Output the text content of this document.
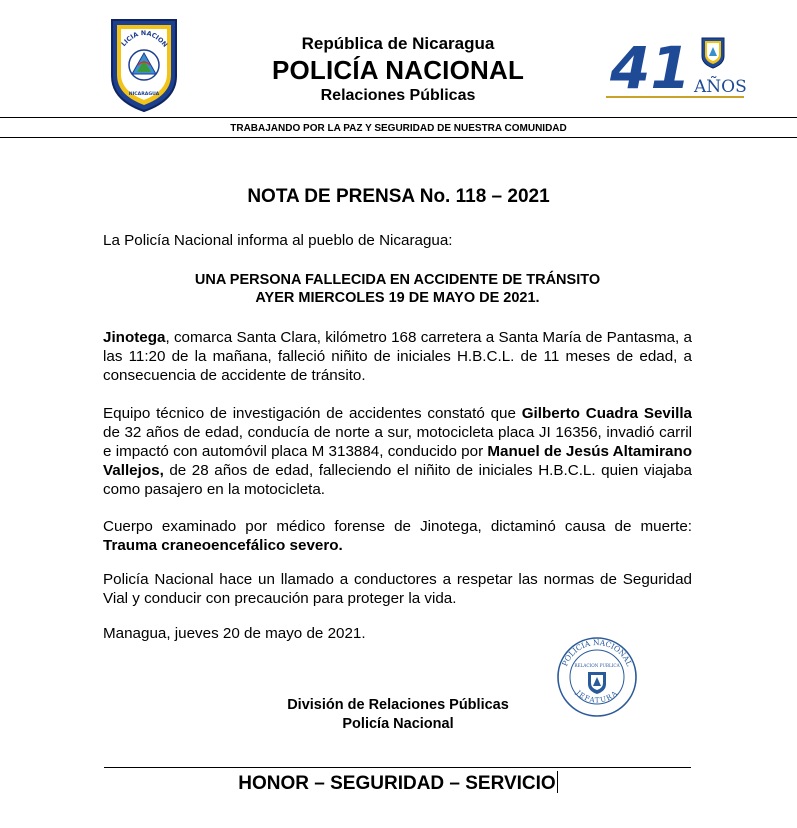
LICIA NACION
NICARAGUA
República de Nicaragua
POLICÍA NACIONAL
Relaciones Públicas	41 AÑOS
TRABAJANDO POR LA PAZ Y SEGURIDAD DE NUESTRA COMUNIDAD
NOTA DE PRENSA No. 118 – 2021
La Policía Nacional informa al pueblo de Nicaragua:
UNA PERSONA FALLECIDA EN ACCIDENTE DE TRÁNSITO
AYER MIERCOLES 19 DE MAYO DE 2021.
Jinotega, comarca Santa Clara, kilómetro 168 carretera a Santa María de Pantasma, a las 11:20 de la mañana, falleció niñito de iniciales H.B.C.L. de 11 meses de edad, a consecuencia de accidente de tránsito.
Equipo técnico de investigación de accidentes constató que Gilberto Cuadra Sevilla de 32 años de edad, conducía de norte a sur, motocicleta placa JI 16356, invadió carril e impactó con automóvil placa M 313884, conducido por Manuel de Jesús Altamirano Vallejos, de 28 años de edad, falleciendo el niñito de iniciales H.B.C.L. quien viajaba como pasajero en la motocicleta.
Cuerpo examinado por médico forense de Jinotega, dictaminó causa de muerte: Trauma craneoencefálico severo.
Policía Nacional hace un llamado a conductores a respetar las normas de Seguridad Vial y conducir con precaución para proteger la vida.
Managua, jueves 20 de mayo de 2021.
POLICIA NACIONAL
RELACION PUBLICA
JEFATURA
División de Relaciones Públicas
Policía Nacional
HONOR – SEGURIDAD – SERVICIO
